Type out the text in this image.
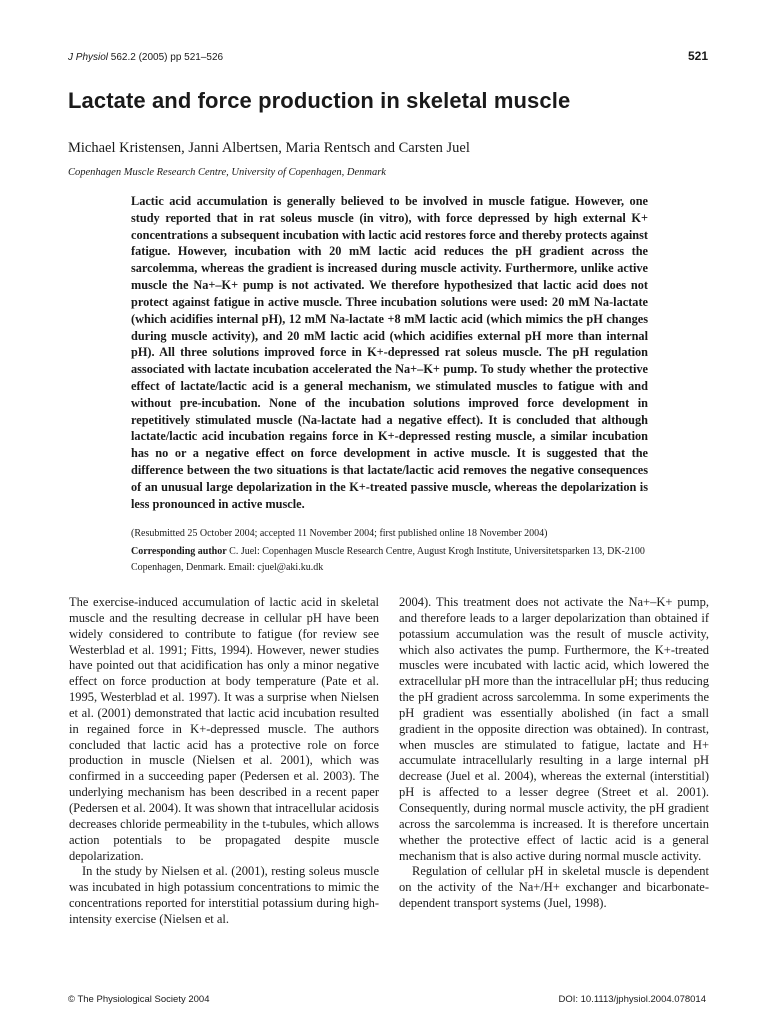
J Physiol 562.2 (2005) pp 521–526	521
Lactate and force production in skeletal muscle
Michael Kristensen, Janni Albertsen, Maria Rentsch and Carsten Juel
Copenhagen Muscle Research Centre, University of Copenhagen, Denmark

Lactic acid accumulation is generally believed to be involved in muscle fatigue. However, one study reported that in rat soleus muscle (in vitro), with force depressed by high external K+ concentrations a subsequent incubation with lactic acid restores force and thereby protects against fatigue. However, incubation with 20 mM lactic acid reduces the pH gradient across the sarcolemma, whereas the gradient is increased during muscle activity. Furthermore, unlike active muscle the Na+–K+ pump is not activated. We therefore hypothesized that lactic acid does not protect against fatigue in active muscle. Three incubation solutions were used: 20 mM Na-lactate (which acidifies internal pH), 12 mM Na-lactate +8 mM lactic acid (which mimics the pH changes during muscle activity), and 20 mM lactic acid (which acidifies external pH more than internal pH). All three solutions improved force in K+-depressed rat soleus muscle. The pH regulation associated with lactate incubation accelerated the Na+–K+ pump. To study whether the protective effect of lactate/lactic acid is a general mechanism, we stimulated muscles to fatigue with and without pre-incubation. None of the incubation solutions improved force development in repetitively stimulated muscle (Na-lactate had a negative effect). It is concluded that although lactate/lactic acid incubation regains force in K+-depressed resting muscle, a similar incubation has no or a negative effect on force development in active muscle. It is suggested that the difference between the two situations is that lactate/lactic acid removes the negative consequences of an unusual large depolarization in the K+-treated passive muscle, whereas the depolarization is less pronounced in active muscle.

(Resubmitted 25 October 2004; accepted 11 November 2004; first published online 18 November 2004)
Corresponding author C. Juel: Copenhagen Muscle Research Centre, August Krogh Institute, Universitetsparken 13, DK-2100 Copenhagen, Denmark. Email: cjuel@aki.ku.dk

The exercise-induced accumulation of lactic acid in skeletal muscle and the resulting decrease in cellular pH have been widely considered to contribute to fatigue (for review see Westerblad et al. 1991; Fitts, 1994). However, newer studies have pointed out that acidification has only a minor negative effect on force production at body temperature (Pate et al. 1995, Westerblad et al. 1997). It was a surprise when Nielsen et al. (2001) demonstrated that lactic acid incubation resulted in regained force in K+-depressed muscle. The authors concluded that lactic acid has a protective role on force production in muscle (Nielsen et al. 2001), which was confirmed in a succeeding paper (Pedersen et al. 2003). The underlying mechanism has been described in a recent paper (Pedersen et al. 2004). It was shown that intracellular acidosis decreases chloride permeability in the t-tubules, which allows action potentials to be propagated despite muscle depolarization.

In the study by Nielsen et al. (2001), resting soleus muscle was incubated in high potassium concentrations to mimic the concentrations reported for interstitial potassium during high-intensity exercise (Nielsen et al.

2004). This treatment does not activate the Na+–K+ pump, and therefore leads to a larger depolarization than obtained if potassium accumulation was the result of muscle activity, which also activates the pump. Furthermore, the K+-treated muscles were incubated with lactic acid, which lowered the extracellular pH more than the intracellular pH; thus reducing the pH gradient across sarcolemma. In some experiments the pH gradient was essentially abolished (in fact a small gradient in the opposite direction was obtained). In contrast, when muscles are stimulated to fatigue, lactate and H+ accumulate intracellularly resulting in a large internal pH decrease (Juel et al. 2004), whereas the external (interstitial) pH is affected to a lesser degree (Street et al. 2001). Consequently, during normal muscle activity, the pH gradient across the sarcolemma is increased. It is therefore uncertain whether the protective effect of lactic acid is a general mechanism that is also active during normal muscle activity.

Regulation of cellular pH in skeletal muscle is dependent on the activity of the Na+/H+ exchanger and bicarbonate-dependent transport systems (Juel, 1998).

© The Physiological Society 2004	DOI: 10.1113/jphysiol.2004.078014
